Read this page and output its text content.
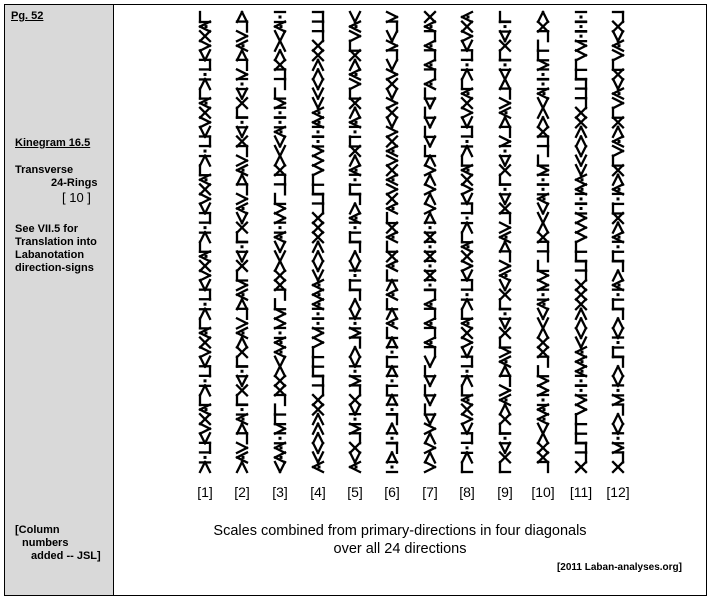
Pg. 52
Kinegram 16.5
Transverse
24-Rings
[ 10 ]
See VII.5 for
Translation into
Labanotation
direction-signs
[Column
numbers
added -- JSL]
[1] [2] [3] [4] [5] [6] [7] [8] [9] [10] [11] [12]
Scales combined from primary-directions in four diagonals
over all 24 directions
[2011 Laban-analyses.org]
